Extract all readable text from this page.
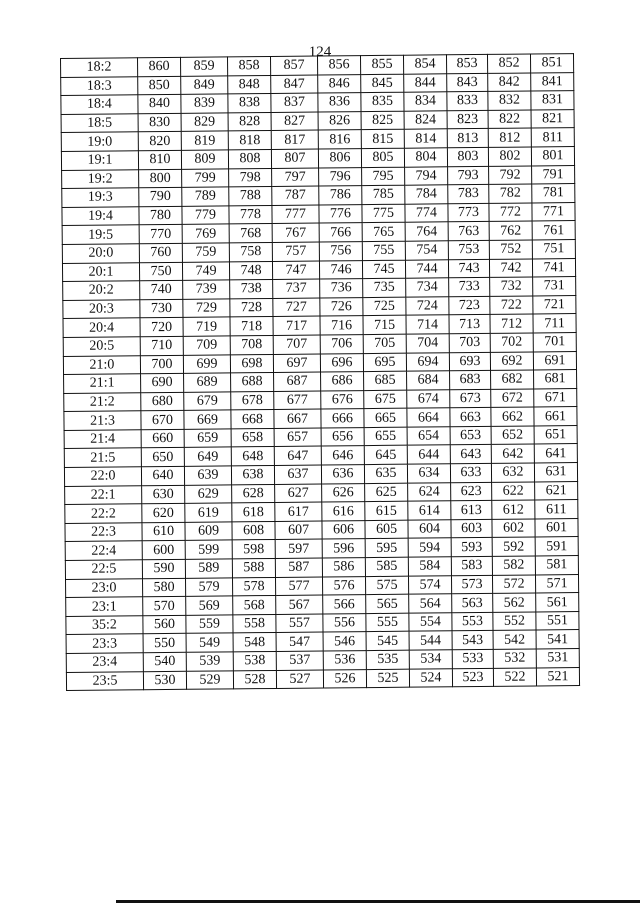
124
18:2	860	859	858	857	856	855	854	853	852	851
18:3	850	849	848	847	846	845	844	843	842	841
18:4	840	839	838	837	836	835	834	833	832	831
18:5	830	829	828	827	826	825	824	823	822	821
19:0	820	819	818	817	816	815	814	813	812	811
19:1	810	809	808	807	806	805	804	803	802	801
19:2	800	799	798	797	796	795	794	793	792	791
19:3	790	789	788	787	786	785	784	783	782	781
19:4	780	779	778	777	776	775	774	773	772	771
19:5	770	769	768	767	766	765	764	763	762	761
20:0	760	759	758	757	756	755	754	753	752	751
20:1	750	749	748	747	746	745	744	743	742	741
20:2	740	739	738	737	736	735	734	733	732	731
20:3	730	729	728	727	726	725	724	723	722	721
20:4	720	719	718	717	716	715	714	713	712	711
20:5	710	709	708	707	706	705	704	703	702	701
21:0	700	699	698	697	696	695	694	693	692	691
21:1	690	689	688	687	686	685	684	683	682	681
21:2	680	679	678	677	676	675	674	673	672	671
21:3	670	669	668	667	666	665	664	663	662	661
21:4	660	659	658	657	656	655	654	653	652	651
21:5	650	649	648	647	646	645	644	643	642	641
22:0	640	639	638	637	636	635	634	633	632	631
22:1	630	629	628	627	626	625	624	623	622	621
22:2	620	619	618	617	616	615	614	613	612	611
22:3	610	609	608	607	606	605	604	603	602	601
22:4	600	599	598	597	596	595	594	593	592	591
22:5	590	589	588	587	586	585	584	583	582	581
23:0	580	579	578	577	576	575	574	573	572	571
23:1	570	569	568	567	566	565	564	563	562	561
35:2	560	559	558	557	556	555	554	553	552	551
23:3	550	549	548	547	546	545	544	543	542	541
23:4	540	539	538	537	536	535	534	533	532	531
23:5	530	529	528	527	526	525	524	523	522	521
